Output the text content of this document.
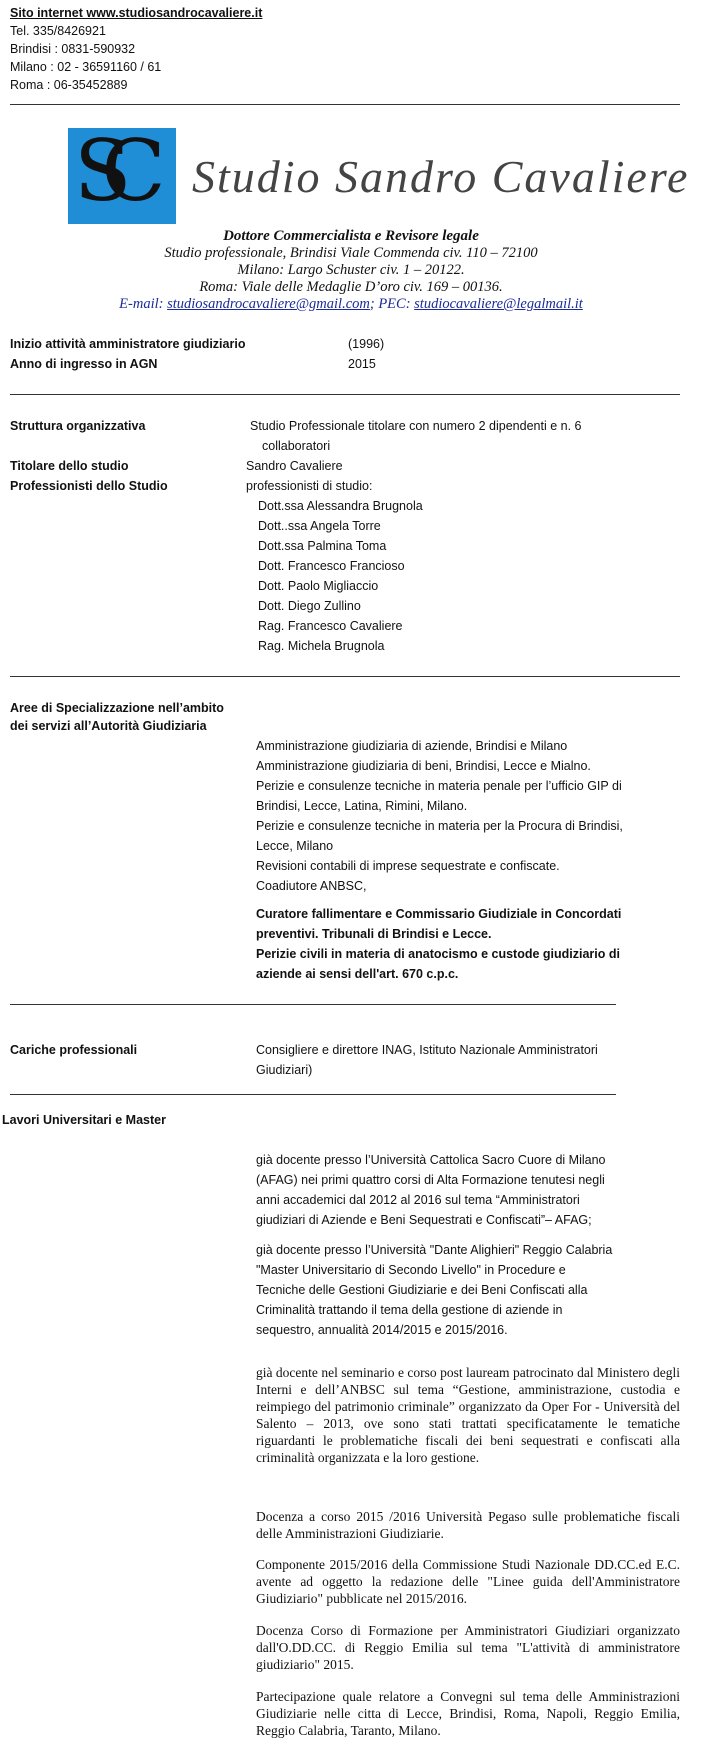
Sito internet www.studiosandrocavaliere.it
Tel. 335/8426921
Brindisi : 0831-590932
Milano : 02 - 36591160 / 61
Roma : 06-35452889
SC Studio Sandro Cavaliere
Dottore Commercialista e Revisore legale
Studio professionale, Brindisi Viale Commenda civ. 110 – 72100
Milano: Largo Schuster civ. 1 – 20122.
Roma: Viale delle Medaglie D’oro civ. 169 – 00136.
E-mail: studiosandrocavaliere@gmail.com; PEC: studiocavaliere@legalmail.it
Inizio attività amministratore giudiziario	(1996)
Anno di ingresso in AGN	2015
Struttura organizzativa	Studio Professionale titolare con numero 2 dipendenti e n. 6
collaboratori
Titolare dello studio	Sandro Cavaliere
Professionisti dello Studio	professionisti di studio:
Dott.ssa Alessandra Brugnola
Dott..ssa Angela Torre
Dott.ssa Palmina Toma
Dott. Francesco Francioso
Dott. Paolo Migliaccio
Dott. Diego Zullino
Rag. Francesco Cavaliere
Rag. Michela Brugnola
Aree di Specializzazione nell’ambito
dei servizi all’Autorità Giudiziaria
Amministrazione giudiziaria di aziende, Brindisi e Milano
Amministrazione giudiziaria di beni, Brindisi, Lecce e Mialno.
Perizie e consulenze tecniche in materia penale per l’ufficio GIP di
Brindisi, Lecce, Latina, Rimini, Milano.
Perizie e consulenze tecniche in materia per la Procura di Brindisi,
Lecce, Milano
Revisioni contabili di imprese sequestrate e confiscate.
Coadiutore ANBSC,
Curatore fallimentare e Commissario Giudiziale in Concordati
preventivi. Tribunali di Brindisi e Lecce.
Perizie civili in materia di anatocismo e custode giudiziario di
aziende ai sensi dell'art. 670 c.p.c.
Cariche professionali	Consigliere e direttore INAG, Istituto Nazionale Amministratori
Giudiziari)
Lavori Universitari e Master
già docente presso l’Università Cattolica Sacro Cuore di Milano
(AFAG) nei primi quattro corsi di Alta Formazione tenutesi negli
anni accademici dal 2012 al 2016 sul tema “Amministratori
giudiziari di Aziende e Beni Sequestrati e Confiscati”– AFAG;
già docente presso l’Università "Dante Alighieri" Reggio Calabria
"Master Universitario di Secondo Livello" in Procedure e
Tecniche delle Gestioni Giudiziarie e dei Beni Confiscati alla
Criminalità trattando il tema della gestione di aziende in
sequestro, annualità 2014/2015 e 2015/2016.
già docente nel seminario e corso post lauream patrocinato dal Ministero degli Interni e dell’ANBSC sul tema “Gestione, amministrazione, custodia e reimpiego del patrimonio criminale” organizzato da Oper For - Università del Salento – 2013, ove sono stati trattati specificatamente le tematiche riguardanti le problematiche fiscali dei beni sequestrati e confiscati alla criminalità organizzata e la loro gestione.
Docenza a corso 2015 /2016 Università Pegaso sulle problematiche fiscali delle Amministrazioni Giudiziarie.
Componente 2015/2016 della Commissione Studi Nazionale DD.CC.ed E.C. avente ad oggetto la redazione delle "Linee guida dell'Amministratore Giudiziario" pubblicate nel 2015/2016.
Docenza Corso di Formazione per Amministratori Giudiziari organizzato dall'O.DD.CC. di Reggio Emilia sul tema "L'attività di amministratore giudiziario" 2015.
Partecipazione quale relatore a Convegni sul tema delle Amministrazioni Giudiziarie nelle citta di Lecce, Brindisi, Roma, Napoli, Reggio Emilia, Reggio Calabria, Taranto, Milano.
